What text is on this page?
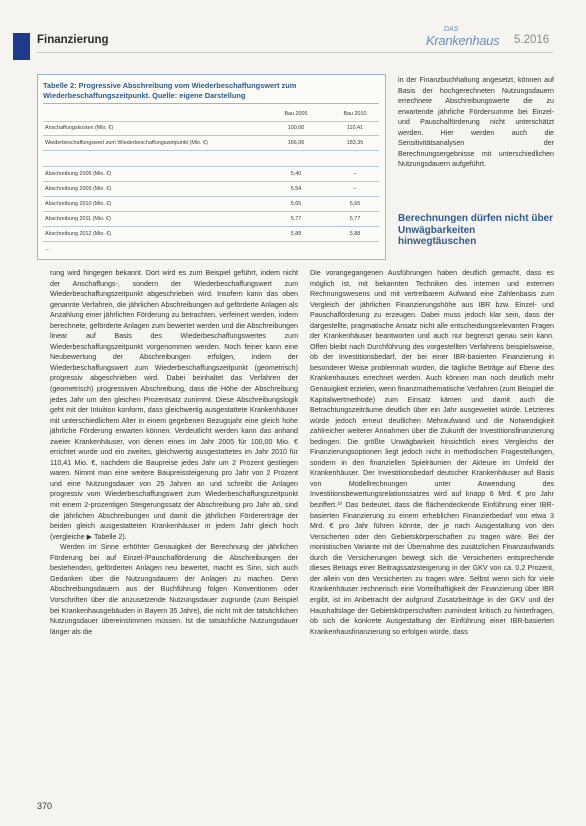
Finanzierung
DAS
Krankenhaus 5.2016
Tabelle 2: Progressive Abschreibung vom Wiederbeschaffungswert zum Wiederbeschaffungszeitpunkt. Quelle: eigene Darstellung
Bau 2005	Bau 2010
Anschaffungskosten (Mio. €)	100,00	110,41
Wiederbeschaffungswert zum Wiederbeschaffungszeitpunkt (Mio. €)	166,06	183,35
Abschreibung 2006 (Mio. €)	5,40	–
Abschreibung 2009 (Mio. €)	5,54	–
Abschreibung 2010 (Mio. €)	5,65	5,65
Abschreibung 2011 (Mio. €)	5,77	5,77
Abschreibung 2012 (Mio. €)	5,88	5,88
…
in der Finanzbuchhaltung angesetzt, können auf Basis der hochgerechneten Nutzungsdauern errechnete Abschreibungswerte die zu erwartende jährliche Fördersumme bei Einzel- und Pauschalförderung nicht unterschätzt werden. Hier werden auch die Sensitivitätsanalysen der Berechnungsergebnisse mit unterschiedlichen Nutzungsdauern aufgeführt.
Berechnungen dürfen nicht über Unwägbarkeiten hinwegtäuschen

rung wird hingegen bekannt. Dort wird es zum Beispiel geführt, indem nicht der Anschaffungs-, sondern der Wiederbeschaffungswert zum Wiederbeschaffungszeitpunkt abgeschrieben wird. Insofern kann das oben genannte Verfahren, die jährlichen Abschreibungen auf geförderte Anlagen als Anzahlung einer jährlichen Förderung zu betrachten, verfeinert werden, indem berechnete, geförderte Anlagen zum bewertet werden und die Abschreibungen linear auf Basis des Wiederbeschaffungswertes zum Wiederbeschaffungszeitpunkt vorgenommen werden. Noch feiner kann eine Neubewertung der Abschreibungen erfolgen, indem der Wiederbeschaffungswert zum Wiederbeschaffungszeitpunkt (geometrisch) progressiv abgeschrieben wird. Dabei beinhaltet das Verfahren der (geometrisch) progressiven Abschreibung, dass die Höhe der Abschreibung jedes Jahr um den gleichen Prozentsatz zunimmt. Diese Abschreibungslogik geht mit der Intuition konform, dass gleichwertig ausgestattete Krankenhäuser mit unterschiedlichem Alter in einem gegebenen Bezugsjahr eine gleich hohe jährliche Förderung erwarten können. Verdeutlicht werden kann das anhand zweier Krankenhäuser, von denen eines im Jahr 2005 für 100,00 Mio. € errichtet wurde und ein zweites, gleichwertig ausgestattetes im Jahr 2010 für 110,41 Mio. €, nachdem die Baupreise jedes Jahr um 2 Prozent gestiegen waren. Nimmt man eine weitere Baupreissteigerung pro Jahr von 2 Prozent und eine Nutzungsdauer von 25 Jahren an und schreibt die Anlagen progressiv vom Wiederbeschaffungswert zum Wiederbeschaffungszeitpunkt mit einem 2-prozentigen Steigerungssatz der Abschreibung pro Jahr ab, sind die jährlichen Abschreibungen und damit die jährlichen Fördererträge der beiden gleich ausgestatteten Krankenhäuser in jedem Jahr gleich hoch (vergleiche ▶ Tabelle 2).

Werden im Sinne erhöhter Genauigkeit der Berechnung der jährlichen Förderung bei auf Einzel-/Pauschalförderung die Abschreibungen der bestehenden, geförderten Anlagen neu bewertet, macht es Sinn, sich auch Gedanken über die Nutzungsdauern der Anlagen zu machen. Denn Abschreibungsdauern aus der Buchführung folgen Konventionen oder Vorschriften über die anzusetzende Nutzungsdauer zugrunde (zum Beispiel bei Krankenhausgebäuden in Bayern 35 Jahre), die nicht mit der tatsächlichen Nutzungsdauer übereinstimmen müssen. Ist die tatsächliche Nutzungsdauer länger als die

Die vorangegangenen Ausführungen haben deutlich gemacht, dass es möglich ist, mit bekannten Techniken des internen und externen Rechnungswesens und mit vertretbarem Aufwand eine Zahlenbasis zum Vergleich der jährlichen Finanzierungshöhe aus IBR bzw. Einzel- und Pauschalförderung zu erzeugen. Dabei muss jedoch klar sein, dass der dargestellte, pragmatische Ansatz nicht alle entscheidungsrelevanten Fragen der Krankenhäuser beantworten und auch nur begrenzt genau sein kann. Offen bleibt nach Durchführung des vorgestellten Verfahrens beispielsweise, ob der Investitionsbedarf, der bei einer IBR-basierten Finanzierung in besonderer Weise problemnah würden, die tägliche Beträge auf Ebene des Krankenhauses errechnet werden. Auch können man noch deutlich mehr Genauigkeit erzielen, wenn finanzmathematische Verfahren (zum Beispiel die Kapitalwertmethode) zum Einsatz kämen und damit auch die Betrachtungszeiträume deutlich über ein Jahr ausgeweitet würde. Letzteres würde jedoch erneut deutlichen Mehraufwand und die Notwendigkeit zahlreicher weiterer Annahmen über die Zukunft der Investitionsfinanzierung bedingen. Die größte Unwägbarkeit hinsichtlich eines Vergleichs der Finanzierungsoptionen liegt jedoch nicht in methodischen Fragestellungen, sondern in den finanziellen Spielräumen der Akteure im Umfeld der Krankenhäuser. Der Investitionsbedarf deutscher Krankenhäuser auf Basis von Modellrechnungen unter Anwendung des Investitionsbewertungsrelationssatzes wird auf knapp 6 Mrd. € pro Jahr beziffert.¹⁰ Das bedeutet, dass die flächendeckende Einführung einer IBR-basierten Finanzierung zu einem erheblichen Finanzierbedarf von etwa 3 Mrd. € pro Jahr führen könnte, der je nach Ausgestaltung von den Versicherten oder den Gebietskörperschaften zu tragen wäre. Bei der monistischen Variante mit der Übernahme des zusätzlichen Finanzaufwands durch die Versicherungen bewegt sich die Versicherten entsprechende dieses Betrags einer Beitragssatzsteigerung in der GKV von ca. 0,2 Prozent, der allein von den Versicherten zu tragen wäre. Selbst wenn sich für viele Krankenhäuser rechnerisch eine Vorteilhaftigkeit der Finanzierung über IBR ergibt, ist im Anbetracht der aufgrund Zusatzbeiträge in der GKV und der Haushaltslage der Gebietskörperschaften zumindest kritisch zu hinterfragen, ob sich die konkrete Ausgestaltung der Einführung einer IBR-basierten Krankenhausfinanzierung so erfolgen würde, dass

370
